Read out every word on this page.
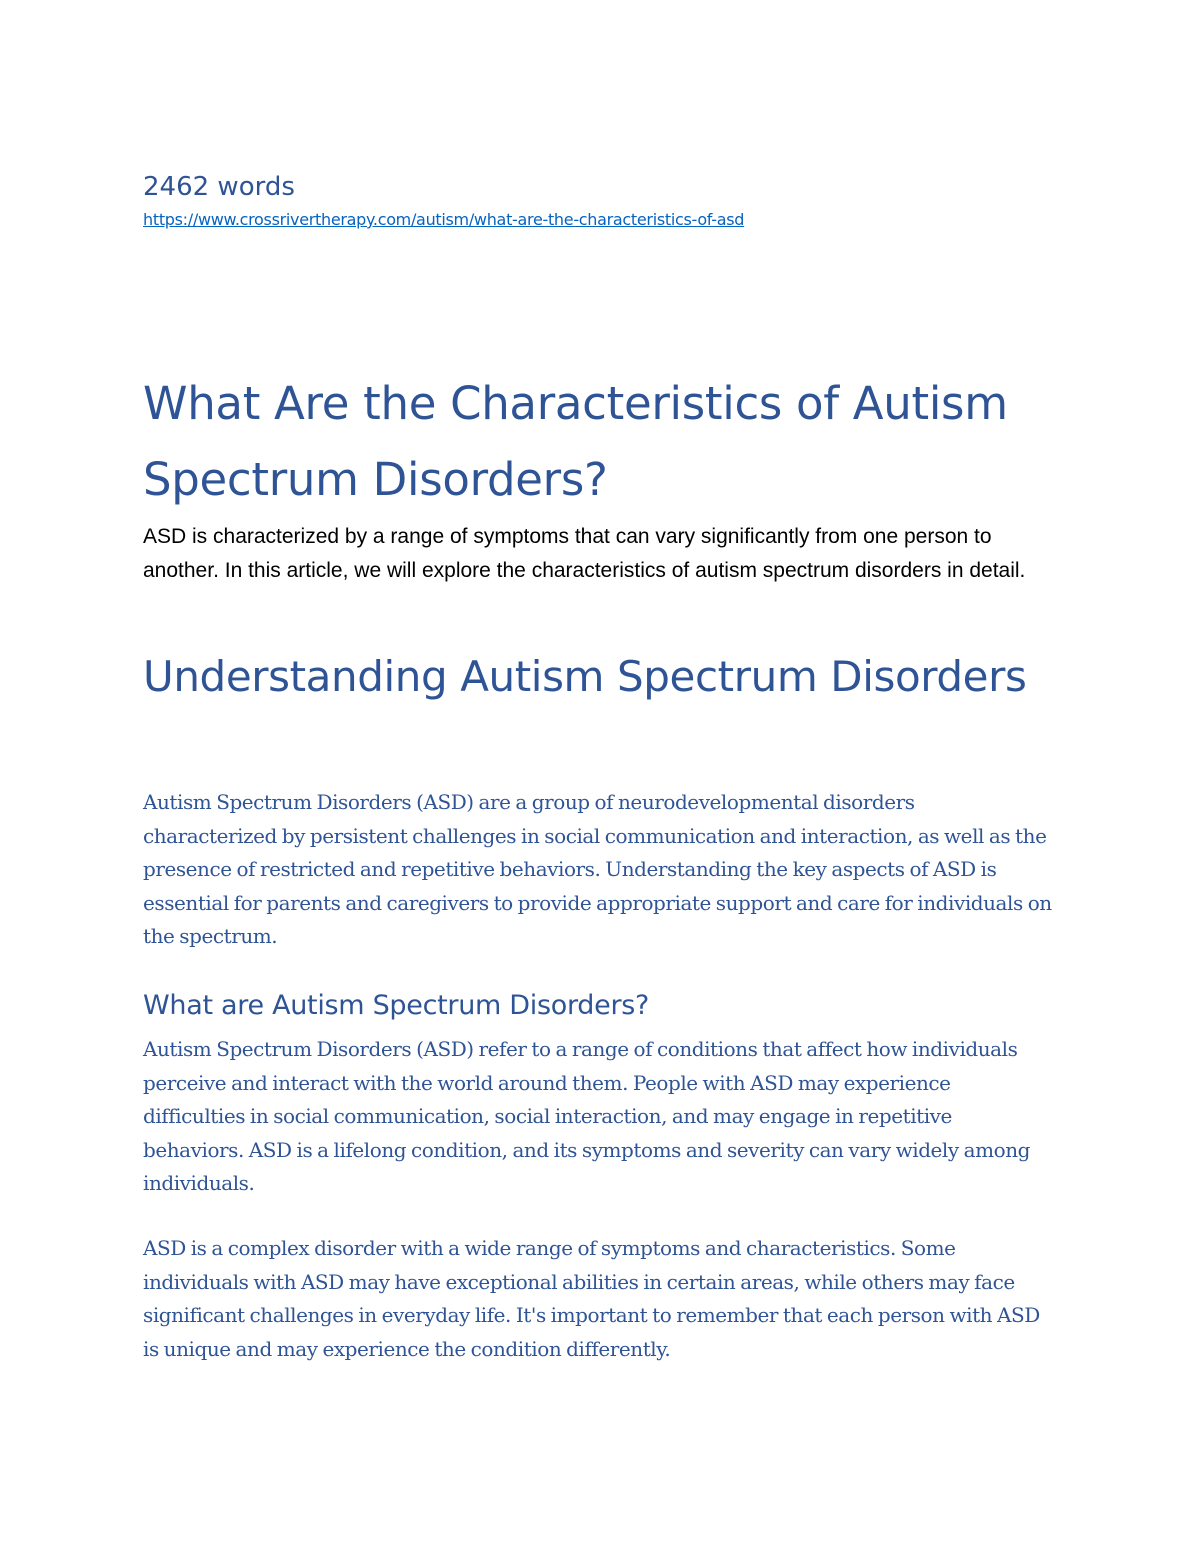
2462 words

https://www.crossrivertherapy.com/autism/what-are-the-characteristics-of-asd
What Are the Characteristics of Autism Spectrum Disorders?

ASD is characterized by a range of symptoms that can vary significantly from one person to another. In this article, we will explore the characteristics of autism spectrum disorders in detail.

Understanding Autism Spectrum Disorders

Autism Spectrum Disorders (ASD) are a group of neurodevelopmental disorders characterized by persistent challenges in social communication and interaction, as well as the presence of restricted and repetitive behaviors. Understanding the key aspects of ASD is essential for parents and caregivers to provide appropriate support and care for individuals on the spectrum.

What are Autism Spectrum Disorders?

Autism Spectrum Disorders (ASD) refer to a range of conditions that affect how individuals perceive and interact with the world around them. People with ASD may experience difficulties in social communication, social interaction, and may engage in repetitive behaviors. ASD is a lifelong condition, and its symptoms and severity can vary widely among individuals.

ASD is a complex disorder with a wide range of symptoms and characteristics. Some individuals with ASD may have exceptional abilities in certain areas, while others may face significant challenges in everyday life. It's important to remember that each person with ASD is unique and may experience the condition differently.
